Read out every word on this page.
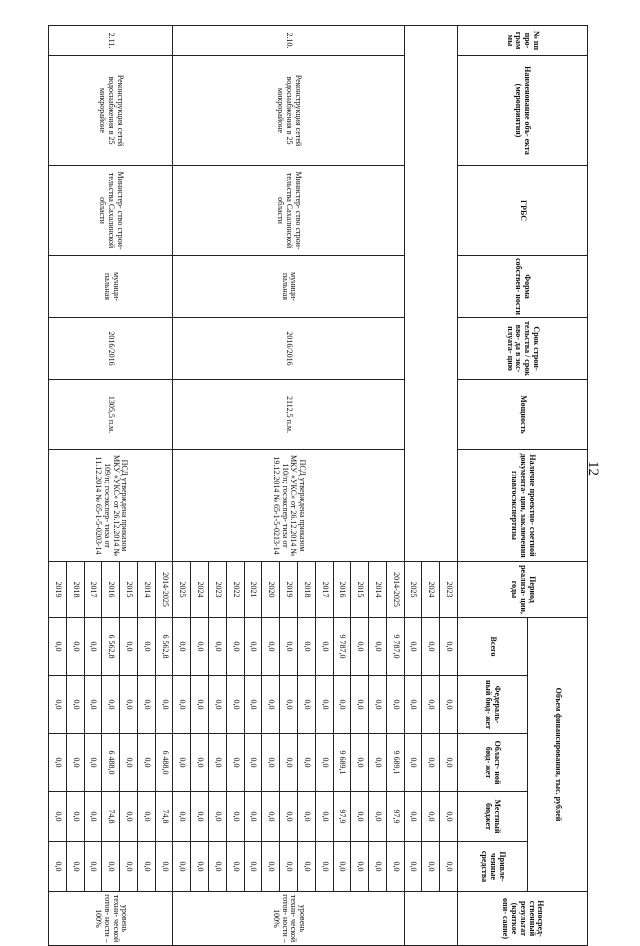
12
№ пп про- грам мы	Наименование объ- екта (мероприятия)	ГРБС	Форма собствен- ности	Срок строи- тельства / срок вво- да в экс- плуата- цию	Мощность	Наличие проектно- сметной документа- ции, заключения главгосэкспертизы	Период реализа- ции, годы	Объем финансирования, тыс. рублей					Непосред- ственный результат (краткое опи- сание)
								Всего	Федераль- ный бюд- жет	Област- ной бюд- жет	Местный бюджет	Привле- ченные средства	
							2023	0,0	0,0	0,0	0,0	0,0	
							2024	0,0	0,0	0,0	0,0	0,0	
							2025	0,0	0,0	0,0	0,0	0,0	
2.10.	Реконструкция сетей водоснабжения в 25 микрорайоне	Министер- ство строи- тельства Сахалинской области	муници- пальная	2016/2016	2112,5 п.м.	ПСД утверждена приказом МКУ «УКС» от 26.12.2014 № 110/п; госэкспер- тиза от 19.12.2014 № 65-1-5-0213-14	2014-2025	9 787,0	0,0	9 689,1	97,9	0,0	уровень техни- ческой готов- ности – 100%
							2014	0,0	0,0	0,0	0,0	0,0	
							2015	0,0	0,0	0,0	0,0	0,0	
							2016	9 787,0	0,0	9 689,1	97,9	0,0	
							2017	0,0	0,0	0,0	0,0	0,0	
							2018	0,0	0,0	0,0	0,0	0,0	
							2019	0,0	0,0	0,0	0,0	0,0	
							2020	0,0	0,0	0,0	0,0	0,0	
							2021	0,0	0,0	0,0	0,0	0,0	
							2022	0,0	0,0	0,0	0,0	0,0	
							2023	0,0	0,0	0,0	0,0	0,0	
							2024	0,0	0,0	0,0	0,0	0,0	
							2025	0,0	0,0	0,0	0,0	0,0	
2.11.	Реконструкция сетей водоснабжения в 25 микрорайоне	Министер- ство строи- тельства Сахалинской области	муници- пальная	2016/2016	1305,5 п.м.	ПСД утверждена приказом МКУ «УКС» от 26.12.2014 № 109/п; госэкспер- тиза от 11.12.2014 № 65-1-5-0203-14	2014-2025	6 562,8	0,0	6 488,0	74,8	0,0	уровень техни- ческой готов- ности – 100%
							2014	0,0	0,0	0,0	0,0	0,0	
							2015	0,0	0,0	0,0	0,0	0,0	
							2016	6 562,8	0,0	6 488,0	74,8	0,0	
							2017	0,0	0,0	0,0	0,0	0,0	
							2018	0,0	0,0	0,0	0,0	0,0	
							2019	0,0	0,0	0,0	0,0	0,0	
